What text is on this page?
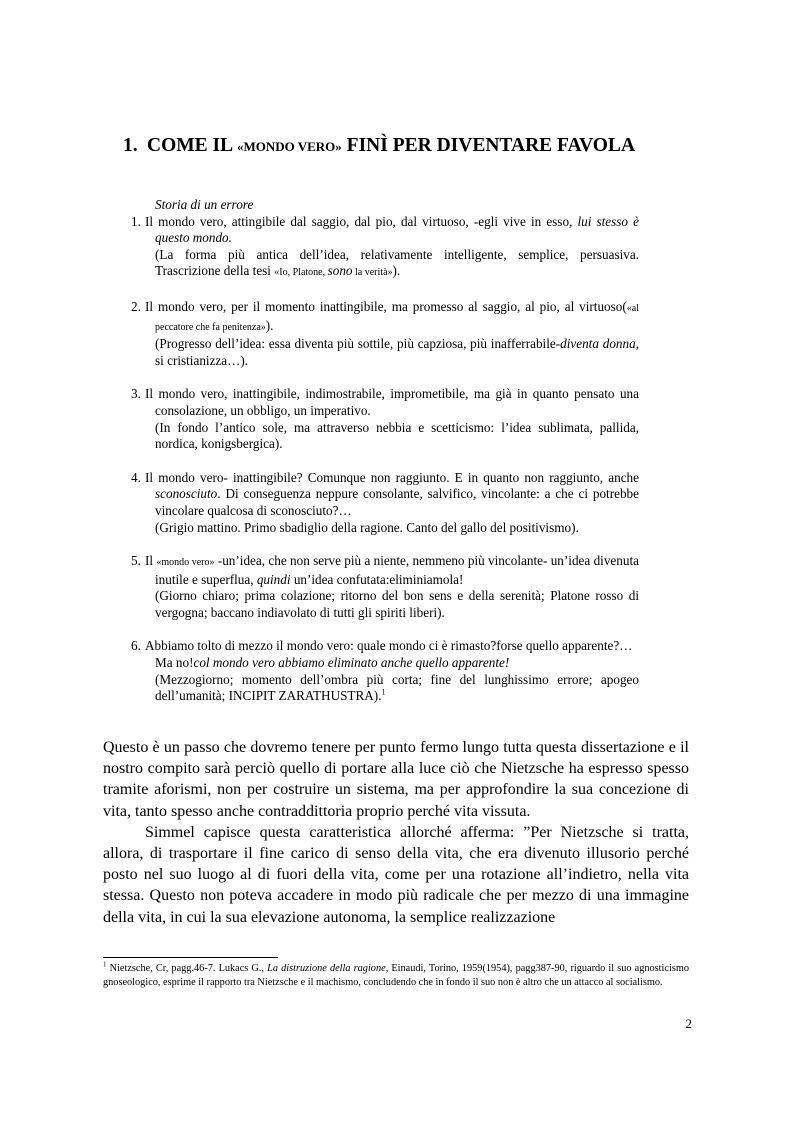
1. COME IL «MONDO VERO» FINÌ PER DIVENTARE FAVOLA
Storia di un errore
1. Il mondo vero, attingibile dal saggio, dal pio, dal virtuoso, -egli vive in esso, lui stesso è questo mondo.
(La forma più antica dell’idea, relativamente intelligente, semplice, persuasiva. Trascrizione della tesi «Io, Platone, sono la verità»).
2. Il mondo vero, per il momento inattingibile, ma promesso al saggio, al pio, al virtuoso(«al peccatore che fa penitenza»).
(Progresso dell’idea: essa diventa più sottile, più capziosa, più inafferrabile-diventa donna, si cristianizza…).
3. Il mondo vero, inattingibile, indimostrabile, imprometibile, ma già in quanto pensato una consolazione, un obbligo, un imperativo.
(In fondo l’antico sole, ma attraverso nebbia e scetticismo: l’idea sublimata, pallida, nordica, konigsbergica).
4. Il mondo vero- inattingibile? Comunque non raggiunto. E in quanto non raggiunto, anche sconosciuto. Di conseguenza neppure consolante, salvifico, vincolante: a che ci potrebbe vincolare qualcosa di sconosciuto?…
(Grigio mattino. Primo sbadiglio della ragione. Canto del gallo del positivismo).
5. Il «mondo vero» -un’idea, che non serve più a niente, nemmeno più vincolante- un’idea divenuta inutile e superflua, quindi un’idea confutata:eliminiamola!
(Giorno chiaro; prima colazione; ritorno del bon sens e della serenità; Platone rosso di vergogna; baccano indiavolato di tutti gli spiriti liberi).
6. Abbiamo tolto di mezzo il mondo vero: quale mondo ci è rimasto?forse quello apparente?…
Ma no!col mondo vero abbiamo eliminato anche quello apparente!
(Mezzogiorno; momento dell’ombra più corta; fine del lunghissimo errore; apogeo dell’umanità; INCIPIT ZARATHUSTRA).$^1$

Questo è un passo che dovremo tenere per punto fermo lungo tutta questa dissertazione e il nostro compito sarà perciò quello di portare alla luce ciò che Nietzsche ha espresso spesso tramite aforismi, non per costruire un sistema, ma per approfondire la sua concezione di vita, tanto spesso anche contraddittoria proprio perché vita vissuta.

Simmel capisce questa caratteristica allorché afferma: ”Per Nietzsche si tratta, allora, di trasportare il fine carico di senso della vita, che era divenuto illusorio perché posto nel suo luogo al di fuori della vita, come per una rotazione all’indietro, nella vita stessa. Questo non poteva accadere in modo più radicale che per mezzo di una immagine della vita, in cui la sua elevazione autonoma, la semplice realizzazione

$^1$ Nietzsche, Cr, pagg.46-7. Lukacs G., La distruzione della ragione, Einaudi, Torino, 1959(1954), pagg387-90, riguardo il suo agnosticismo gnoseologico, esprime il rapporto tra Nietzsche e il machismo, concludendo che in fondo il suo non è altro che un attacco al socialismo.
2
